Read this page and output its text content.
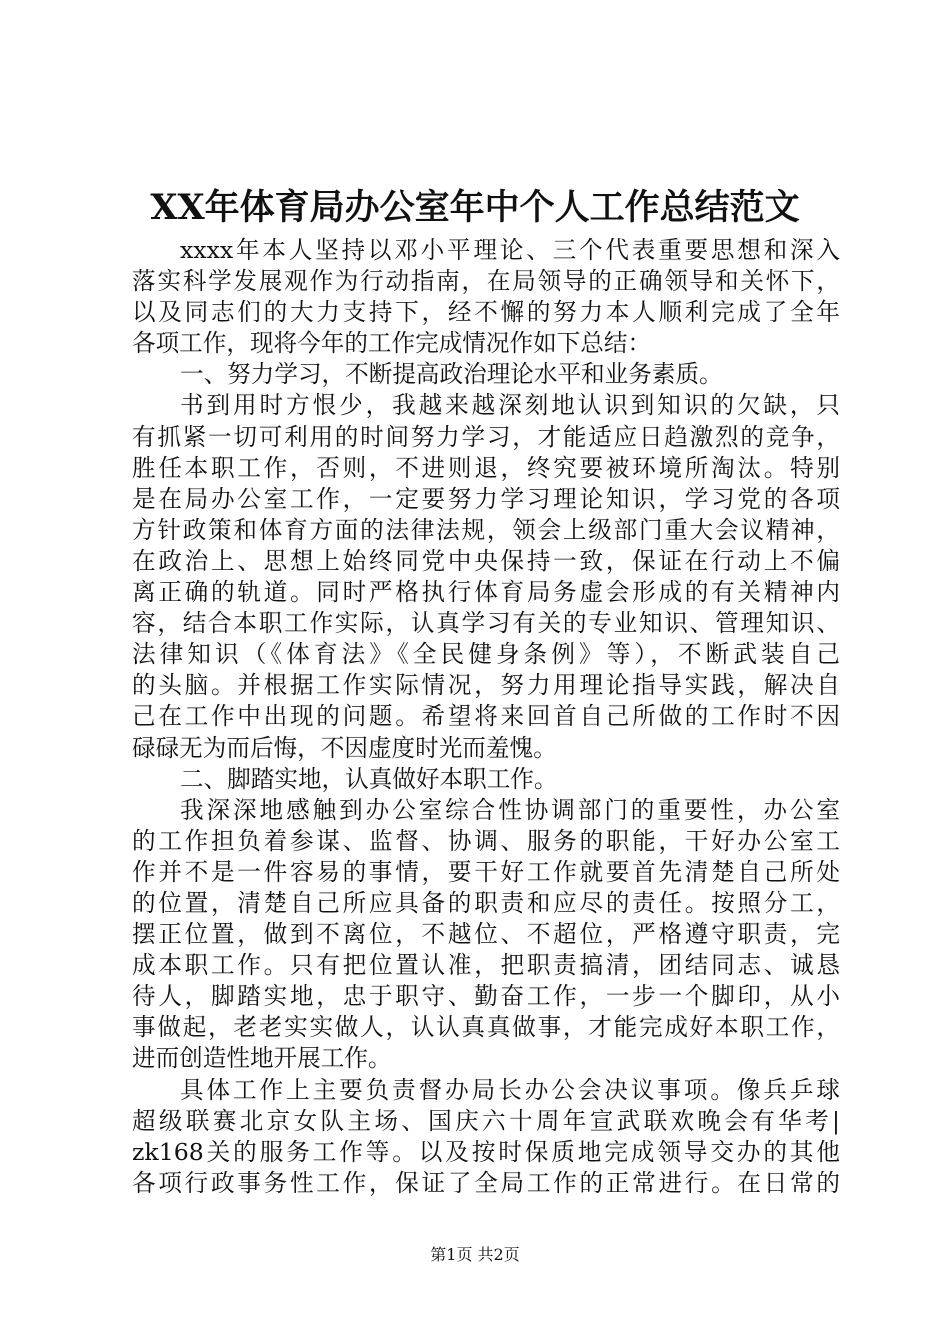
XX年体育局办公室年中个人工作总结范文
xxxx年本人坚持以邓小平理论、三个代表重要思想和深入
落实科学发展观作为行动指南，在局领导的正确领导和关怀下，
以及同志们的大力支持下，经不懈的努力本人顺利完成了全年
各项工作，现将今年的工作完成情况作如下总结：
一、努力学习，不断提高政治理论水平和业务素质。
书到用时方恨少，我越来越深刻地认识到知识的欠缺，只
有抓紧一切可利用的时间努力学习，才能适应日趋激烈的竞争，
胜任本职工作，否则，不进则退，终究要被环境所淘汰。特别
是在局办公室工作，一定要努力学习理论知识，学习党的各项
方针政策和体育方面的法律法规，领会上级部门重大会议精神，
在政治上、思想上始终同党中央保持一致，保证在行动上不偏
离正确的轨道。同时严格执行体育局务虚会形成的有关精神内
容，结合本职工作实际，认真学习有关的专业知识、管理知识、
法律知识（《体育法》《全民健身条例》等），不断武装自己
的头脑。并根据工作实际情况，努力用理论指导实践，解决自
己在工作中出现的问题。希望将来回首自己所做的工作时不因
碌碌无为而后悔，不因虚度时光而羞愧。
二、脚踏实地，认真做好本职工作。
我深深地感触到办公室综合性协调部门的重要性，办公室
的工作担负着参谋、监督、协调、服务的职能，干好办公室工
作并不是一件容易的事情，要干好工作就要首先清楚自己所处
的位置，清楚自己所应具备的职责和应尽的责任。按照分工，
摆正位置，做到不离位，不越位、不超位，严格遵守职责，完
成本职工作。只有把位置认准，把职责搞清，团结同志、诚恳
待人，脚踏实地，忠于职守、勤奋工作，一步一个脚印，从小
事做起，老老实实做人，认认真真做事，才能完成好本职工作，
进而创造性地开展工作。
具体工作上主要负责督办局长办公会决议事项。像兵乒球
超级联赛北京女队主场、国庆六十周年宣武联欢晚会有华考|
zk168关的服务工作等。以及按时保质地完成领导交办的其他
各项行政事务性工作，保证了全局工作的正常进行。在日常的
第1页 共2页
